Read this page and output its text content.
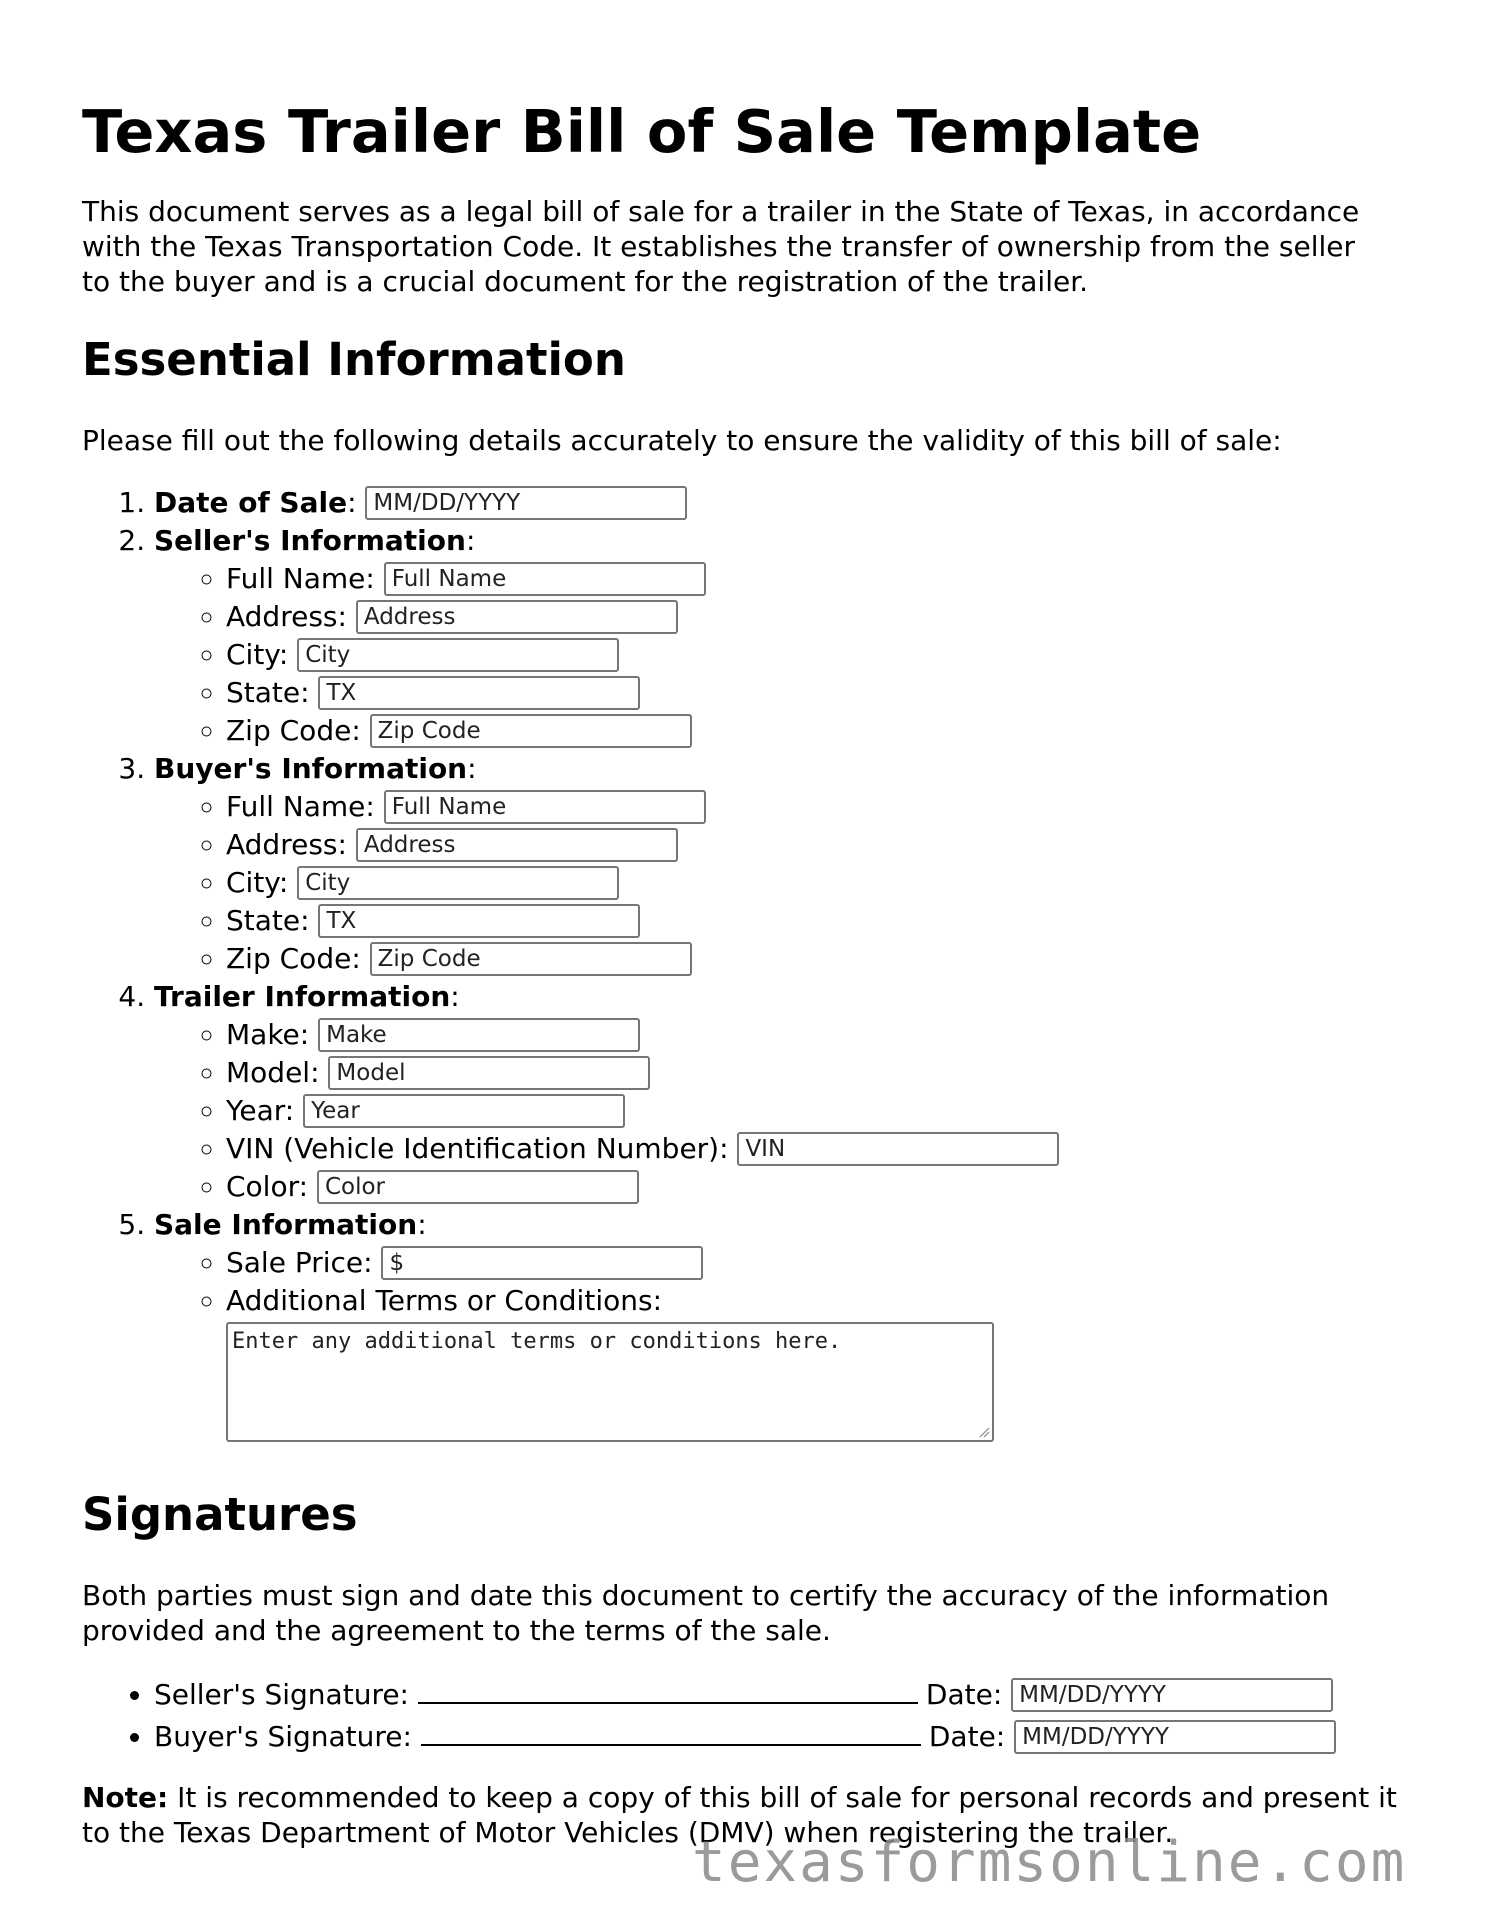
Texas Trailer Bill of Sale Template

This document serves as a legal bill of sale for a trailer in the State of Texas, in accordance with the Texas Transportation Code. It establishes the transfer of ownership from the seller to the buyer and is a crucial document for the registration of the trailer.

Essential Information

Please fill out the following details accurately to ensure the validity of this bill of sale:

1. Date of Sale: MM/DD/YYYY
2. Seller's Information:
◦ Full Name: Full Name
◦ Address: Address
◦ City: City
◦ State: TX
◦ Zip Code: Zip Code
3. Buyer's Information:
◦ Full Name: Full Name
◦ Address: Address
◦ City: City
◦ State: TX
◦ Zip Code: Zip Code
4. Trailer Information:
◦ Make: Make
◦ Model: Model
◦ Year: Year
◦ VIN (Vehicle Identification Number): VIN
◦ Color: Color
5. Sale Information:
◦ Sale Price: $
◦ Additional Terms or Conditions:
Enter any additional terms or conditions here.
Signatures

Both parties must sign and date this document to certify the accuracy of the information provided and the agreement to the terms of the sale.

• Seller's Signature:	Date: MM/DD/YYYY
• Buyer's Signature:	Date: MM/DD/YYYY

Note: It is recommended to keep a copy of this bill of sale for personal records and present it to the Texas Department of Motor Vehicles (DMV) when registering the trailer.

texasformsonline.com
